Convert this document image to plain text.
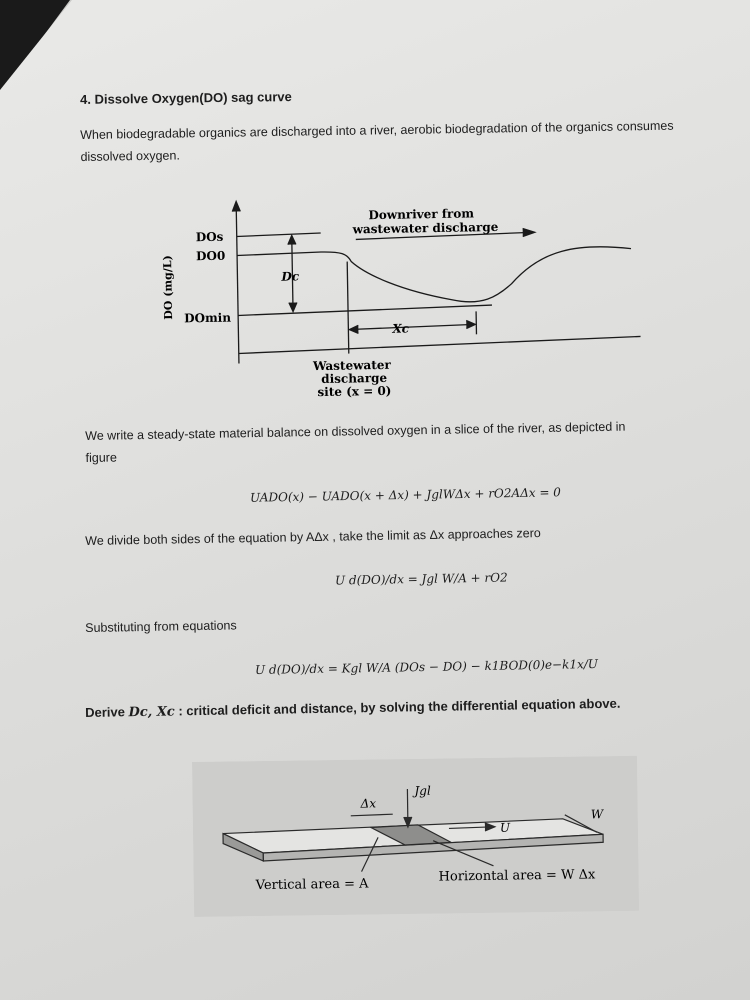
4. Dissolve Oxygen(DO) sag curve
When biodegradable organics are discharged into a river, aerobic biodegradation of the organics consumes dissolved oxygen.
DO (mg/L)
DOs
DO0
DOmin
Dc
Xc
Downriver from
wastewater discharge
Wastewater
discharge
site (x = 0)
We write a steady-state material balance on dissolved oxygen in a slice of the river, as depicted in
figure
UADO(x) − UADO(x + Δx) + JglWΔx + rO2AΔx = 0
We divide both sides of the equation by AΔx , take the limit as Δx approaches zero
U d(DO)/dx = Jgl W/A + rO2
Substituting from equations
U d(DO)/dx = Kgl W/A (DOs − DO) − k1BOD(0)e−k1x/U
Derive Dc, Xc : critical deficit and distance, by solving the differential equation above.
Δx
Jgl
U
W
Vertical area = A
Horizontal area = W Δx
